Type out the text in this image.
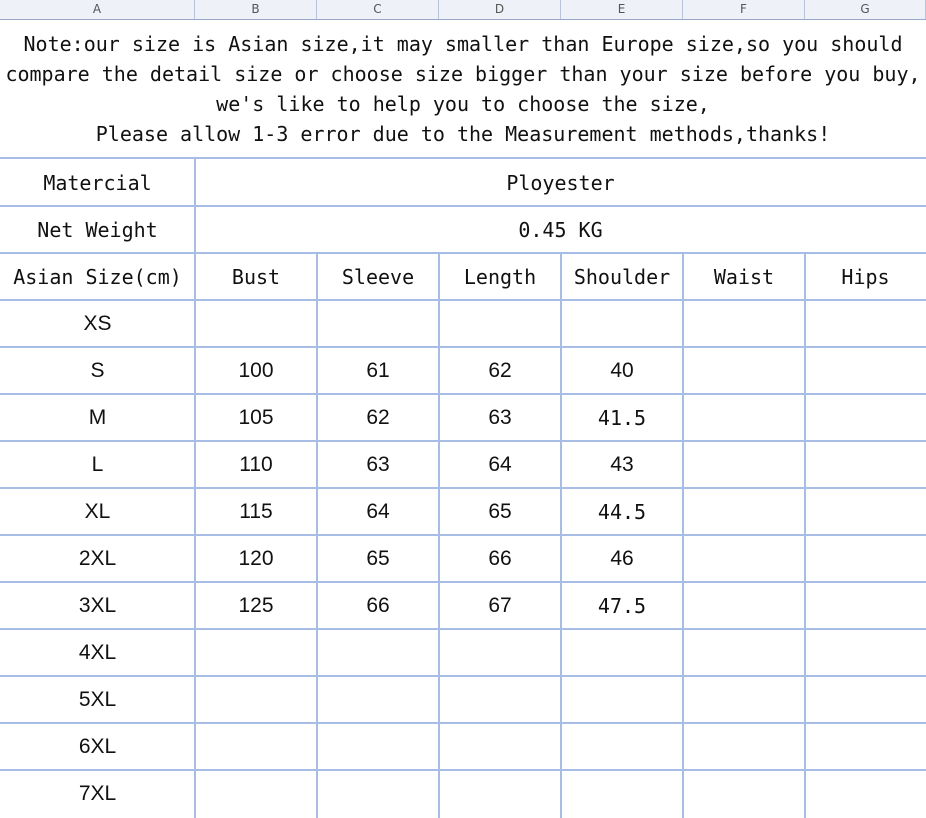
A	B	C	D	E	F	G
Note:our size is Asian size,it may smaller than Europe size,so you should
compare the detail size or choose size bigger than your size before you buy,
we's like to help you to choose the size,
Please allow 1-3 error due to the Measurement methods,thanks!
Matercial	Ployester
Net Weight	0.45 KG
Asian Size(cm)	Bust	Sleeve	Length	Shoulder	Waist	Hips
XS
S	100	61	62	40
M	105	62	63	41.5
L	110	63	64	43
XL	115	64	65	44.5
2XL	120	65	66	46
3XL	125	66	67	47.5
4XL
5XL
6XL
7XL
